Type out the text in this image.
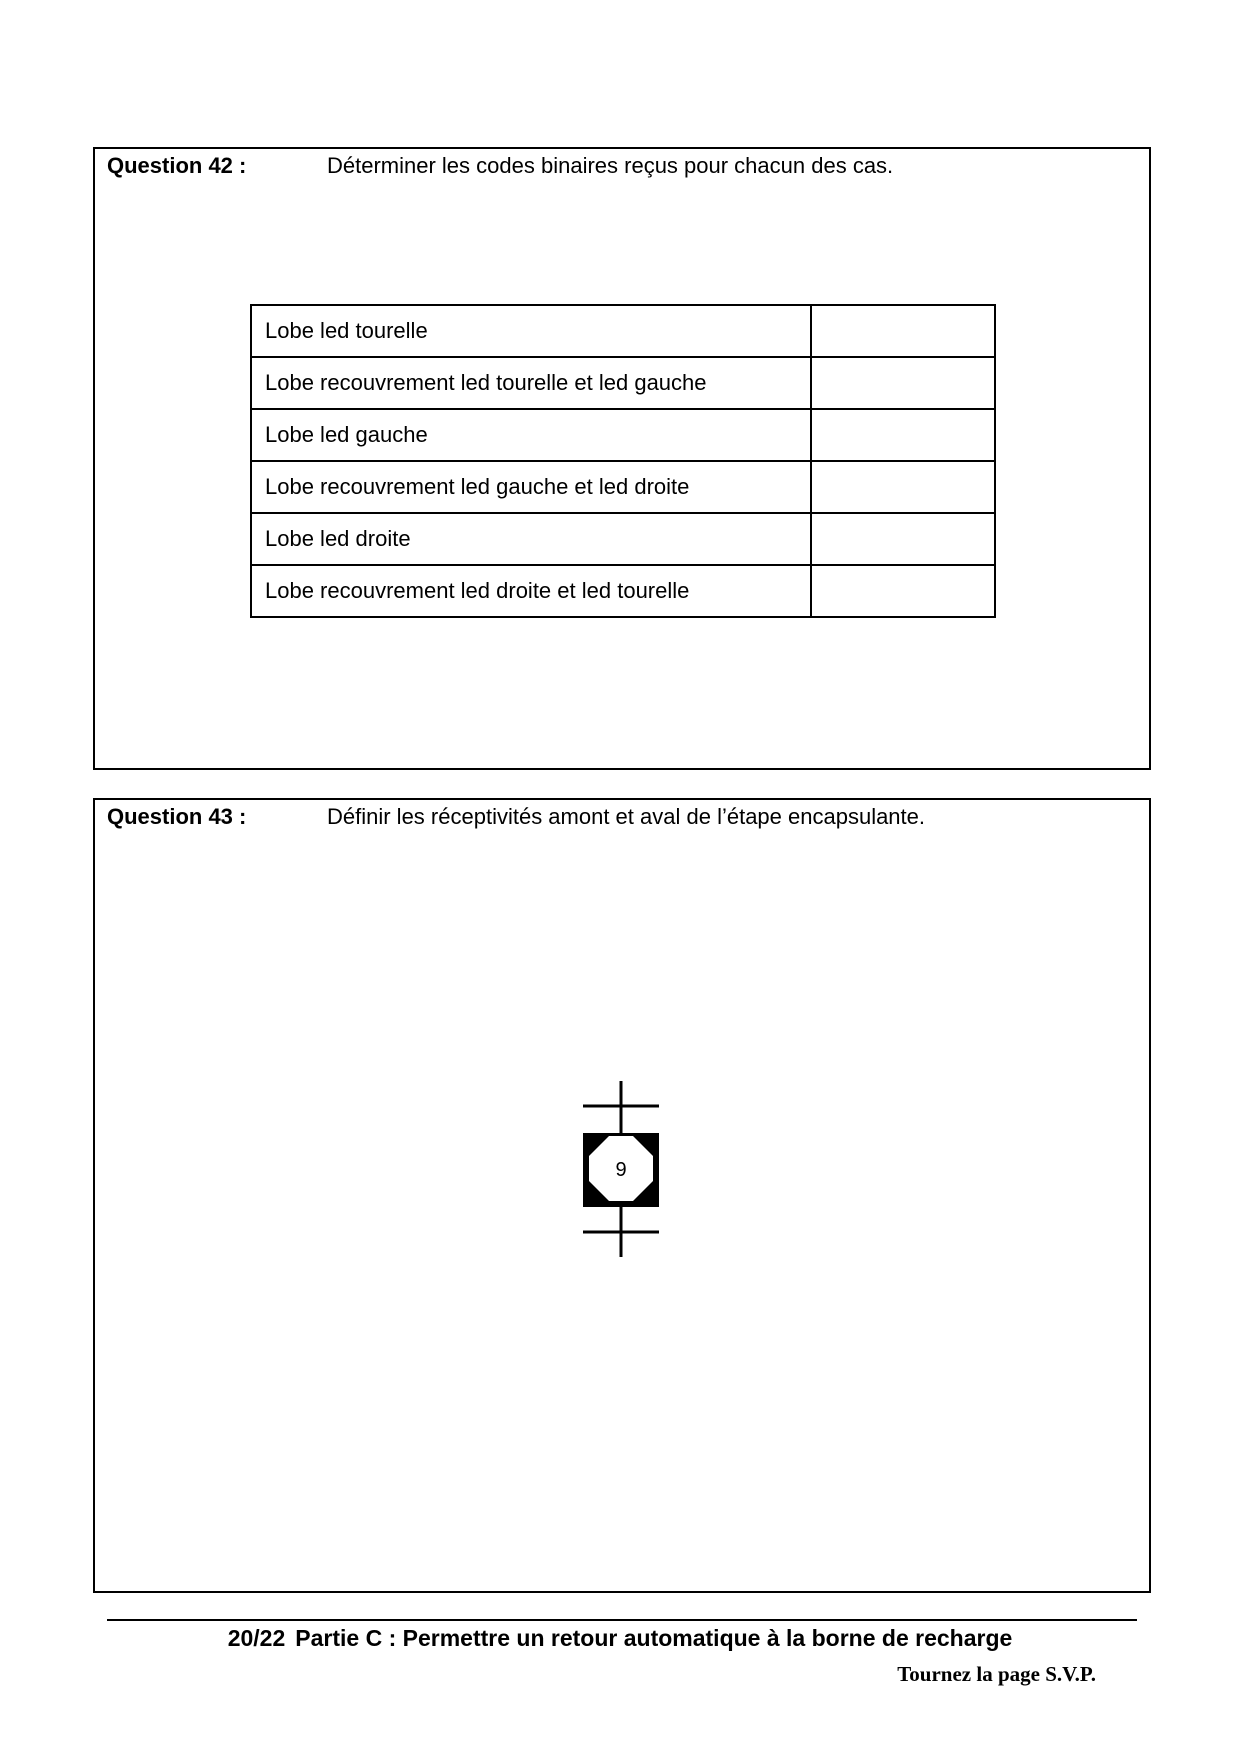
Question 42 :	Déterminer les codes binaires reçus pour chacun des cas.
Lobe led tourelle	
Lobe recouvrement led tourelle et led gauche	
Lobe led gauche	
Lobe recouvrement led gauche et led droite	
Lobe led droite	
Lobe recouvrement led droite et led tourelle	
Question 43 :	Définir les réceptivités amont et aval de l’étape encapsulante.
9
20/22 Partie C : Permettre un retour automatique à la borne de recharge
Tournez la page S.V.P.
